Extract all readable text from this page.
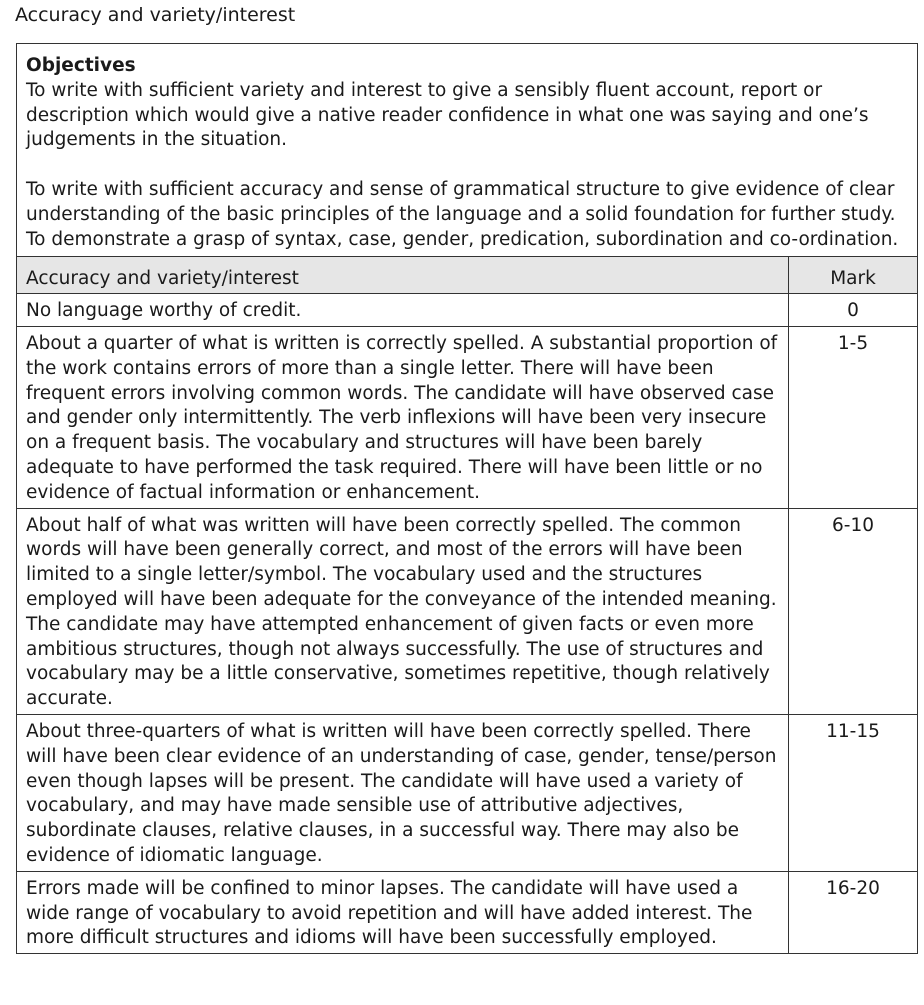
Accuracy and variety/interest
Objectives

To write with sufficient variety and interest to give a sensibly fluent account, report or description which would give a native reader confidence in what one was saying and one’s judgements in the situation.

To write with sufficient accuracy and sense of grammatical structure to give evidence of clear understanding of the basic principles of the language and a solid foundation for further study. To demonstrate a grasp of syntax, case, gender, predication, subordination and co-ordination.

Accuracy and variety/interest	Mark
No language worthy of credit.	0
About a quarter of what is written is correctly spelled. A substantial proportion of the work contains errors of more than a single letter. There will have been frequent errors involving common words. The candidate will have observed case and gender only intermittently. The verb inflexions will have been very insecure on a frequent basis. The vocabulary and structures will have been barely adequate to have performed the task required. There will have been little or no evidence of factual information or enhancement.	1-5
About half of what was written will have been correctly spelled. The common words will have been generally correct, and most of the errors will have been limited to a single letter/symbol. The vocabulary used and the structures employed will have been adequate for the conveyance of the intended meaning. The candidate may have attempted enhancement of given facts or even more ambitious structures, though not always successfully. The use of structures and vocabulary may be a little conservative, sometimes repetitive, though relatively accurate.	6-10
About three-quarters of what is written will have been correctly spelled. There will have been clear evidence of an understanding of case, gender, tense/person even though lapses will be present. The candidate will have used a variety of vocabulary, and may have made sensible use of attributive adjectives, subordinate clauses, relative clauses, in a successful way. There may also be evidence of idiomatic language.	11-15
Errors made will be confined to minor lapses. The candidate will have used a wide range of vocabulary to avoid repetition and will have added interest. The more difficult structures and idioms will have been successfully employed.	16-20
